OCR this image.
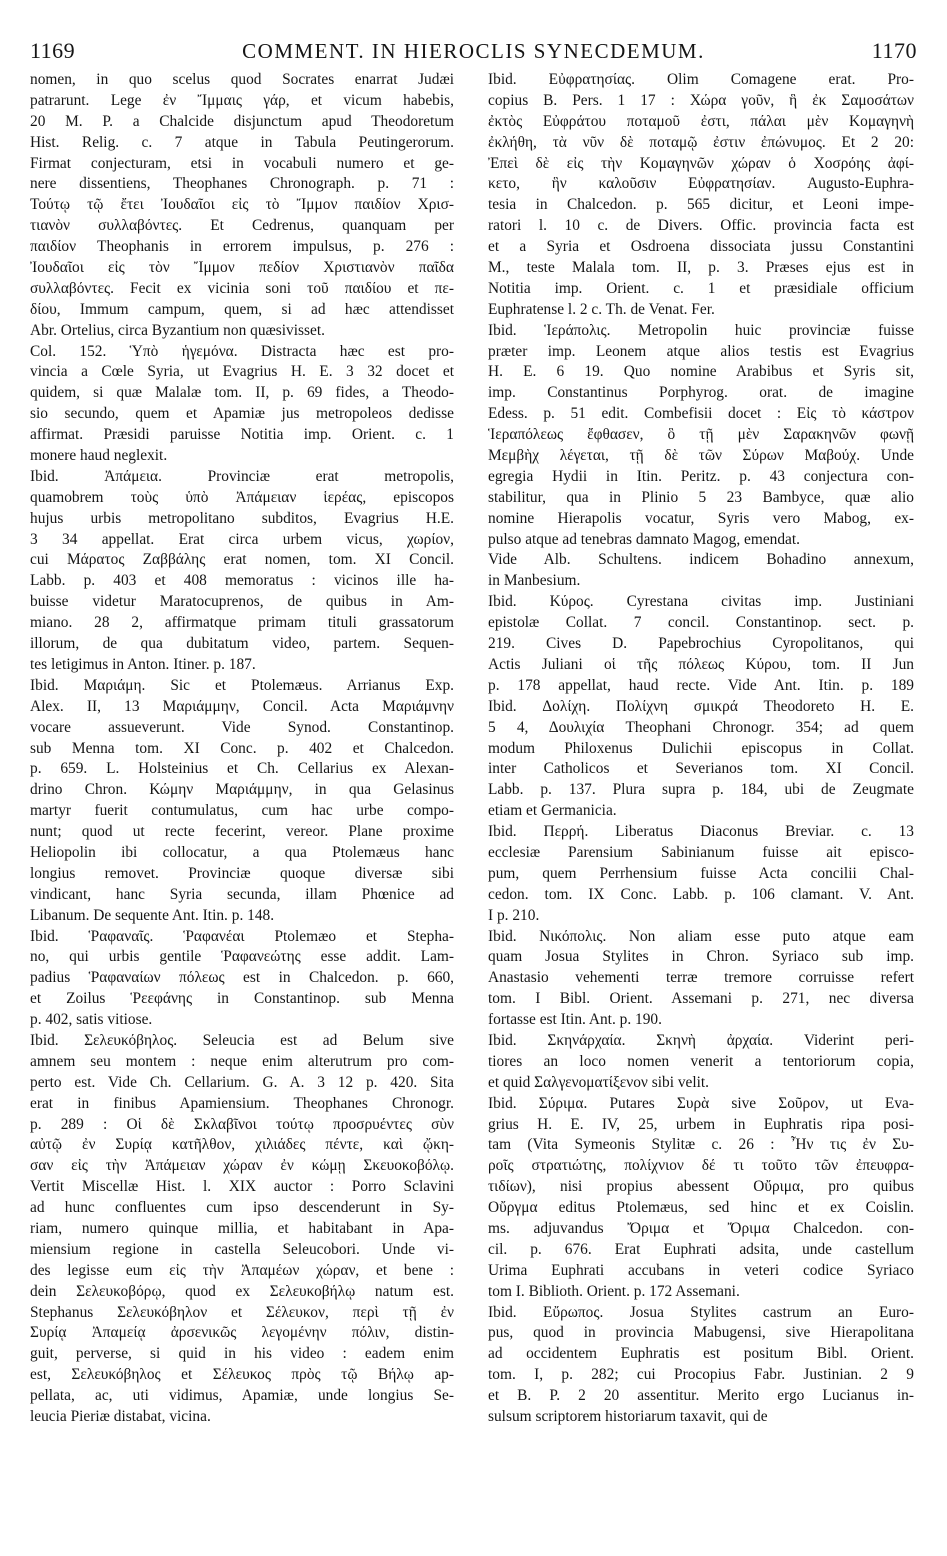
1169	COMMENT. IN HIEROCLIS SYNECDEMUM.	1170
nomen, in quo scelus quod Socrates enarrat Judæi
patrarunt. Lege ἐν Ἴμμαις γάρ, et vicum habebis,
20 M. P. a Chalcide disjunctum apud Theodoretum
Hist. Relig. c. 7 atque in Tabula Peutingerorum.
Firmat conjecturam, etsi in vocabuli numero et ge-
nere dissentiens, Theophanes Chronograph. p. 71 :
Τούτῳ τῷ ἔτει Ἰουδαῖοι εἰς τὸ Ἴμμον παιδίον Χρισ-
τιανὸν συλλαβόντες. Et Cedrenus, quanquam per
παιδίον Theophanis in errorem impulsus, p. 276 :
Ἰουδαῖοι εἰς τὸν Ἴμμον πεδίον Χριστιανὸν παῖδα
συλλαβόντες. Fecit ex vicinia soni τοῦ παιδίου et πε-
δίου, Immum campum, quem, si ad hæc attendisset
Abr. Ortelius, circa Byzantium non quæsivisset.
Col. 152. Ὑπὸ ἡγεμόνα. Distracta hæc est pro-
vincia a Cœle Syria, ut Evagrius H. E. 3 32 docet et
quidem, si quæ Malalæ tom. II, p. 69 fides, a Theodo-
sio secundo, quem et Apamiæ jus metropoleos dedisse
affirmat. Præsidi paruisse Notitia imp. Orient. c. 1
monere haud neglexit.
Ibid. Ἀπάμεια. Provinciæ erat metropolis,
quamobrem τοὺς ὑπὸ Ἀπάμειαν ἱερέας, episcopos
hujus urbis metropolitano subditos, Evagrius H.E.
3 34 appellat. Erat circa urbem vicus, χωρίον,
cui Μάρατος Ζαββάλης erat nomen, tom. XI Concil.
Labb. p. 403 et 408 memoratus : vicinos ille ha-
buisse videtur Maratocuprenos, de quibus in Am-
miano. 28 2, affirmatque primam tituli grassatorum
illorum, de qua dubitatum video, partem. Sequen-
tes letigimus in Anton. Itiner. p. 187.
Ibid. Μαριάμη. Sic et Ptolemæus. Arrianus Exp.
Alex. II, 13 Μαριάμμην, Concil. Acta Μαριάμνην
vocare assueverunt. Vide Synod. Constantinop.
sub Menna tom. XI Conc. p. 402 et Chalcedon.
p. 659. L. Holsteinius et Ch. Cellarius ex Alexan-
drino Chron. Κώμην Μαριάμμην, in qua Gelasinus
martyr fuerit contumulatus, cum hac urbe compo-
nunt; quod ut recte fecerint, vereor. Plane proxime
Heliopolin ibi collocatur, a qua Ptolemæus hanc
longius removet. Provinciæ quoque diversæ sibi
vindicant, hanc Syria secunda, illam Phœnice ad
Libanum. De sequente Ant. Itin. p. 148.
Ibid. Ῥαφαναῖς. Ῥαφανέαι Ptolemæo et Stepha-
no, qui urbis gentile Ῥαφανεώτης esse addit. Lam-
padius Ῥαφαναίων πόλεως est in Chalcedon. p. 660,
et Zoilus Ῥεεφάνης in Constantinop. sub Menna
p. 402, satis vitiose.
Ibid. Σελευκόβηλος. Seleucia est ad Belum sive
amnem seu montem : neque enim alterutrum pro com-
perto est. Vide Ch. Cellarium. G. A. 3 12 p. 420. Sita
erat in finibus Apamiensium. Theophanes Chronogr.
p. 289 : Οἱ δὲ Σκλαβῖνοι τούτῳ προσρυέντες σὺν
αὐτῷ ἐν Συρίᾳ κατῆλθον, χιλιάδες πέντε, καὶ ᾤκη-
σαν εἰς τὴν Ἀπάμειαν χώραν ἐν κώμῃ Σκευοκοβόλῳ.
Vertit Miscellæ Hist. l. XIX auctor : Porro Sclavini
ad hunc confluentes cum ipso descenderunt in Sy-
riam, numero quinque millia, et habitabant in Apa-
miensium regione in castella Seleucobori. Unde vi-
des legisse eum εἰς τὴν Ἀπαμέων χώραν, et bene :
dein Σελευκοβόρῳ, quod ex Σελευκοβήλῳ natum est.
Stephanus Σελευκόβηλον et Σέλευκον, περὶ τῇ ἐν
Συρίᾳ Ἀπαμείᾳ ἀρσενικῶς λεγομένην πόλιν, distin-
guit, perverse, si quid in his video : eadem enim
est, Σελευκόβηλος et Σέλευκος πρὸς τῷ Βήλῳ ap-
pellata, ac, uti vidimus, Apamiæ, unde longius Se-
leucia Pieriæ distabat, vicina.
Ibid. Εὐφρατησίας. Olim Comagene erat. Pro-
copius B. Pers. 1 17 : Χώρα γοῦν, ἣ ἐκ Σαμοσάτων
ἐκτὸς Εὐφράτου ποταμοῦ ἐστι, πάλαι μὲν Κομαγηνὴ
ἐκλήθη, τὰ νῦν δὲ ποταμῷ ἐστιν ἐπώνυμος. Et 2 20:
Ἐπεὶ δὲ εἰς τὴν Κομαγηνῶν χώραν ὁ Χοσρόης ἀφί-
κετο, ἣν καλοῦσιν Εὐφρατησίαν. Augusto-Euphra-
tesia in Chalcedon. p. 565 dicitur, et Leoni impe-
ratori l. 10 c. de Divers. Offic. provincia facta est
et a Syria et Osdroena dissociata jussu Constantini
M., teste Malala tom. II, p. 3. Præses ejus est in
Notitia imp. Orient. c. 1 et præsidiale officium
Euphratense l. 2 c. Th. de Venat. Fer.
Ibid. Ἱεράπολις. Metropolin huic provinciæ fuisse
præter imp. Leonem atque alios testis est Evagrius
H. E. 6 19. Quo nomine Arabibus et Syris sit,
imp. Constantinus Porphyrog. orat. de imagine
Edess. p. 51 edit. Combefisii docet : Εἰς τὸ κάστρον
Ἱεραπόλεως ἔφθασεν, ὃ τῇ μὲν Σαρακηνῶν φωνῇ
Μεμβὴχ λέγεται, τῇ δὲ τῶν Σύρων Μαβούχ. Unde
egregia Hydii in Itin. Peritz. p. 43 conjectura con-
stabilitur, qua in Plinio 5 23 Bambyce, quæ alio
nomine Hierapolis vocatur, Syris vero Mabog, ex-
pulso atque ad tenebras damnato Magog, emendat.
Vide Alb. Schultens. indicem Bohadino annexum,
in Manbesium.
Ibid. Κύρος. Cyrestana civitas imp. Justiniani
epistolæ Collat. 7 concil. Constantinop. sect. p.
219. Cives D. Papebrochius Cyropolitanos, qui
Actis Juliani οἱ τῆς πόλεως Κύρου, tom. II Jun
p. 178 appellat, haud recte. Vide Ant. Itin. p. 189
Ibid. Δολίχη. Πολίχνη σμικρά Theodoreto H. E.
5 4, Δουλιχία Theophani Chronogr. 354; ad quem
modum Philoxenus Dulichii episcopus in Collat.
inter Catholicos et Severianos tom. XI Concil.
Labb. p. 137. Plura supra p. 184, ubi de Zeugmate
etiam et Germanicia.
Ibid. Περρή. Liberatus Diaconus Breviar. c. 13
ecclesiæ Parensium Sabinianum fuisse ait episco-
pum, quem Perrhensium fuisse Acta concilii Chal-
cedon. tom. IX Conc. Labb. p. 106 clamant. V. Ant.
I p. 210.
Ibid. Νικόπολις. Non aliam esse puto atque eam
quam Josua Stylites in Chron. Syriaco sub imp.
Anastasio vehementi terræ tremore corruisse refert
tom. I Bibl. Orient. Assemani p. 271, nec diversa
fortasse est Itin. Ant. p. 190.
Ibid. Σκηνάρχαία. Σκηνὴ ἀρχαία. Viderint peri-
tiores an loco nomen venerit a tentoriorum copia,
et quid Σαλγενοματίξενον sibi velit.
Ibid. Σύριμα. Putares Συρὰ sive Σοῦρον, ut Eva-
grius H. E. IV, 25, urbem in Euphratis ripa posi-
tam (Vita Symeonis Stylitæ c. 26 : Ἦν τις ἐν Συ-
ροῖς στρατιώτης, πολίχνιον δέ τι τοῦτο τῶν ἐπευφρα-
τιδίων), nisi propius abessent Οὔριμα, pro quibus
Οὔργμα editus Ptolemæus, sed hinc et ex Coislin.
ms. adjuvandus Ὄριμα et Ὄριμα Chalcedon. con-
cil. p. 676. Erat Euphrati adsita, unde castellum
Urima Euphrati accubans in veteri codice Syriaco
tom I. Biblioth. Orient. p. 172 Assemani.
Ibid. Εὔρωπος. Josua Stylites castrum an Euro-
pus, quod in provincia Mabugensi, sive Hierapolitana
ad occidentem Euphratis est positum Bibl. Orient.
tom. I, p. 282; cui Procopius Fabr. Justinian. 2 9
et B. P. 2 20 assentitur. Merito ergo Lucianus in-
sulsum scriptorem historiarum taxavit, qui de
